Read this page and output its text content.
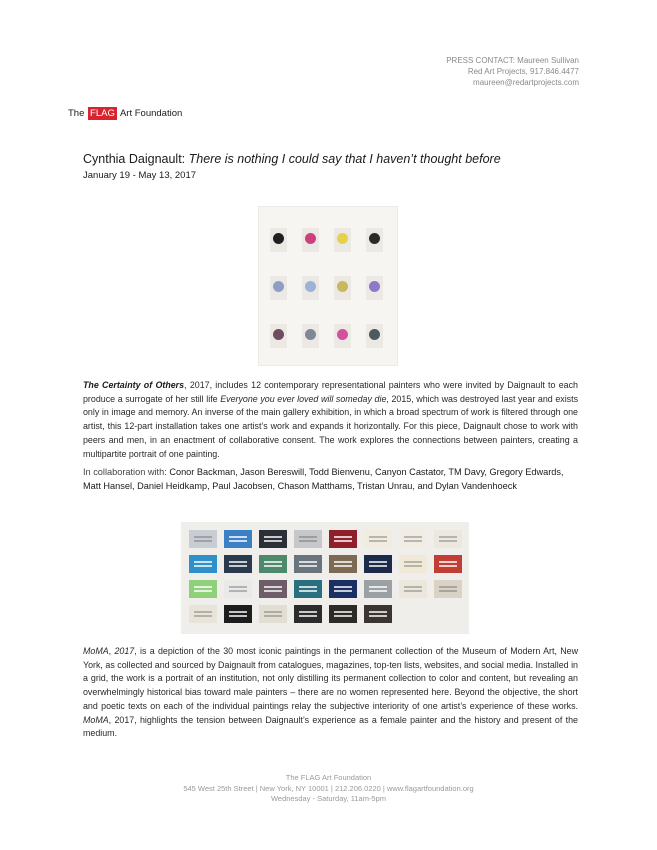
PRESS CONTACT: Maureen Sullivan
Red Art Projects, 917.846.4477
maureen@redartprojects.com
The FLAG Art Foundation
Cynthia Daignault: There is nothing I could say that I haven’t thought before
January 19 - May 13, 2017
The Certainty of Others, 2017, includes 12 contemporary representational painters who were invited by Daignault to each produce a surrogate of her still life Everyone you ever loved will someday die, 2015, which was destroyed last year and exists only in image and memory. An inverse of the main gallery exhibition, in which a broad spectrum of work is filtered through one artist, this 12-part installation takes one artist’s work and expands it horizontally. For this piece, Daignault chose to work with peers and men, in an enactment of collaborative consent. The work explores the connections between painters, creating a multipartite portrait of one painting.
In collaboration with: Conor Backman, Jason Bereswill, Todd Bienvenu, Canyon Castator, TM Davy, Gregory Edwards, Matt Hansel, Daniel Heidkamp, Paul Jacobsen, Chason Matthams, Tristan Unrau, and Dylan Vandenhoeck
MoMA, 2017, is a depiction of the 30 most iconic paintings in the permanent collection of the Museum of Modern Art, New York, as collected and sourced by Daignault from catalogues, magazines, top-ten lists, websites, and social media. Installed in a grid, the work is a portrait of an institution, not only distilling its permanent collection to color and content, but revealing an overwhelmingly historical bias toward male painters – there are no women represented here. Beyond the objective, the short and poetic texts on each of the individual paintings relay the subjective interiority of one artist’s experience of these works. MoMA, 2017, highlights the tension between Daignault’s experience as a female painter and the history and present of the medium.
The FLAG Art Foundation
545 West 25th Street | New York, NY 10001 | 212.206.0220 | www.flagartfoundation.org
Wednesday - Saturday, 11am-5pm
